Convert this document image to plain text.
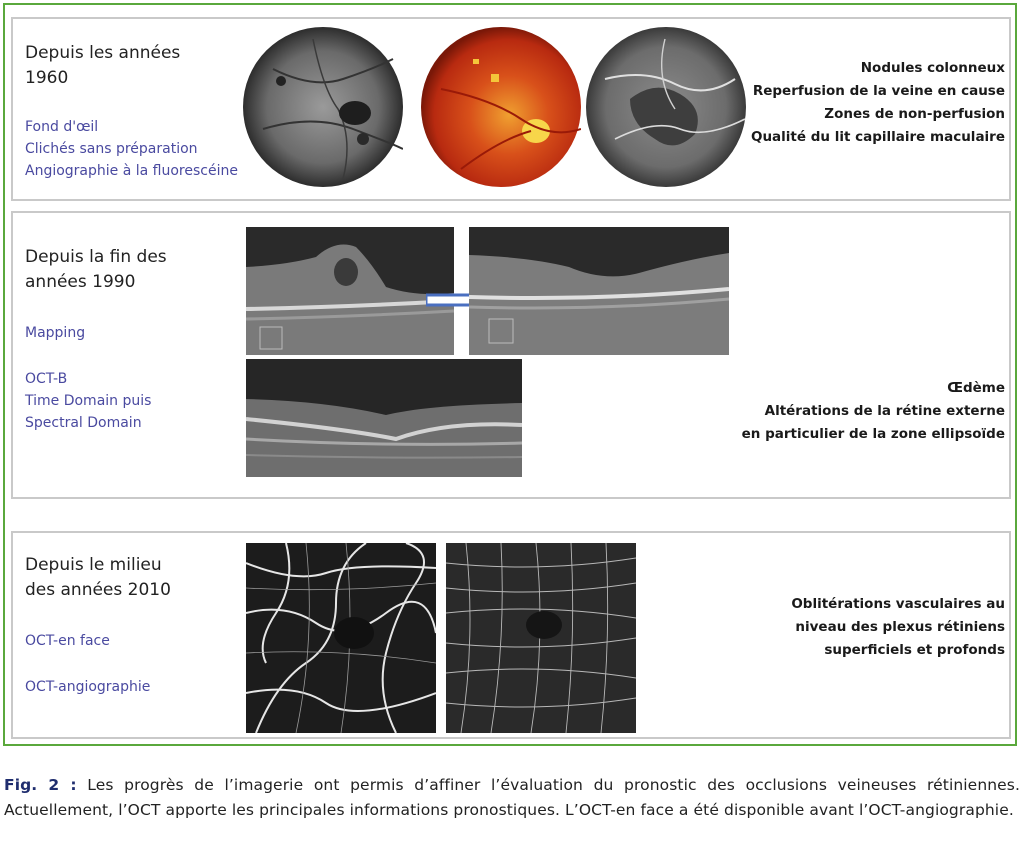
Depuis les années
1960
Fond d'œil
Clichés sans préparation
Angiographie à la fluorescéine
Nodules colonneux
Reperfusion de la veine en cause
Zones de non-perfusion
Qualité du lit capillaire maculaire
Depuis la fin des
années 1990
Mapping
OCT-B
Time Domain puis
Spectral Domain
Œdème
Altérations de la rétine externe
en particulier de la zone ellipsoïde
Depuis le milieu
des années 2010
OCT-en face
OCT-angiographie
Oblitérations vasculaires au
niveau des plexus rétiniens
superficiels et profonds
Fig. 2 : Les progrès de l’imagerie ont permis d’affiner l’évaluation du pronostic des occlusions veineuses rétiniennes. Actuellement, l’OCT apporte les principales informations pronostiques. L’OCT-en face a été disponible avant l’OCT-angiographie.
